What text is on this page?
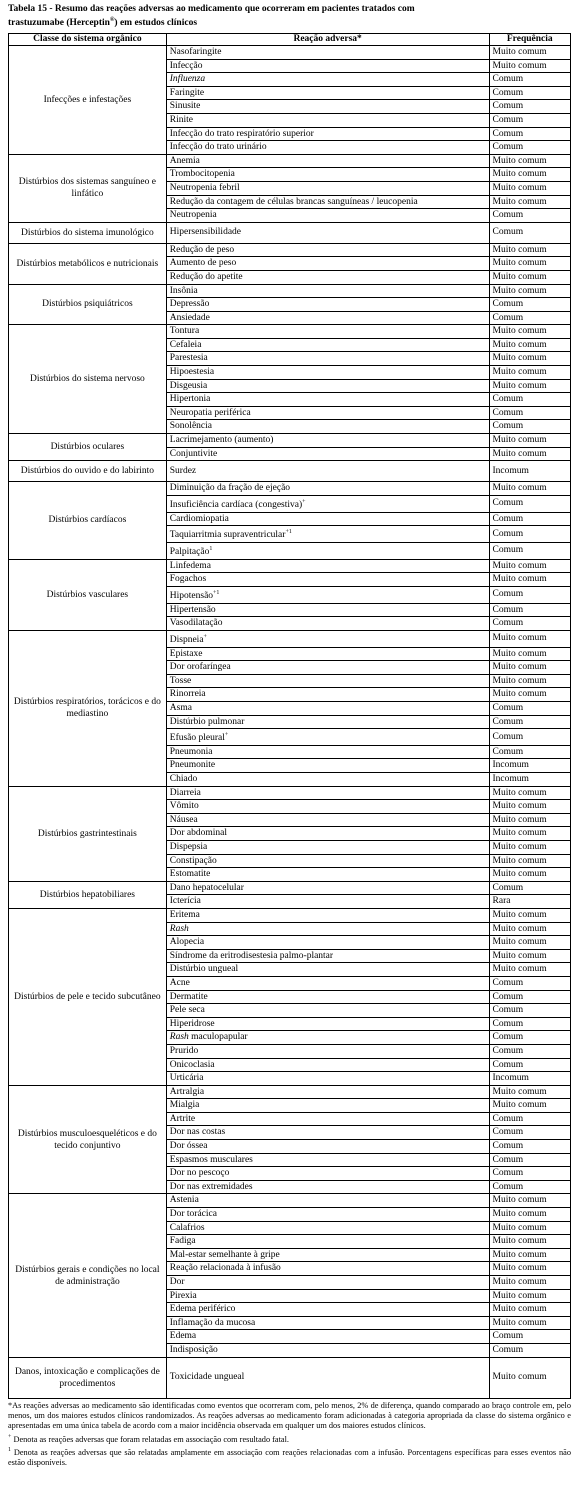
Tabela 15 - Resumo das reações adversas ao medicamento que ocorreram em pacientes tratados com
trastuzumabe (Herceptin®) em estudos clínicos
Classe do sistema orgânico	Reação adversa*	Frequência
Infecções e infestações	Nasofaringite	Muito comum
	Infecção	Muito comum
	Influenza	Comum
	Faringite	Comum
	Sinusite	Comum
	Rinite	Comum
	Infecção do trato respiratório superior	Comum
	Infecção do trato urinário	Comum
Distúrbios dos sistemas sanguíneo e linfático	Anemia	Muito comum
	Trombocitopenia	Muito comum
	Neutropenia febril	Muito comum
	Redução da contagem de células brancas sanguíneas / leucopenia	Muito comum
	Neutropenia	Comum
Distúrbios do sistema imunológico	Hipersensibilidade	Comum
Distúrbios metabólicos e nutricionais	Redução de peso	Muito comum
	Aumento de peso	Muito comum
	Redução do apetite	Muito comum
Distúrbios psiquiátricos	Insônia	Muito comum
	Depressão	Comum
	Ansiedade	Comum
Distúrbios do sistema nervoso	Tontura	Muito comum
	Cefaleia	Muito comum
	Parestesia	Muito comum
	Hipoestesia	Muito comum
	Disgeusia	Muito comum
	Hipertonia	Comum
	Neuropatia periférica	Comum
	Sonolência	Comum
Distúrbios oculares	Lacrimejamento (aumento)	Muito comum
	Conjuntivite	Muito comum
Distúrbios do ouvido e do labirinto	Surdez	Incomum
Distúrbios cardíacos	Diminuição da fração de ejeção	Muito comum
	Insuficiência cardíaca (congestiva)+	Comum
	Cardiomiopatia	Comum
	Taquiarritmia supraventricular$^{+1}$	Comum
	Palpitação$^1$	Comum
Distúrbios vasculares	Linfedema	Muito comum
	Fogachos	Muito comum
	Hipotensão$^{+1}$	Comum
	Hipertensão	Comum
	Vasodilatação	Comum
Distúrbios respiratórios, torácicos e do mediastino	Dispneia+	Muito comum
	Epistaxe	Muito comum
	Dor orofaríngea	Muito comum
	Tosse	Muito comum
	Rinorreia	Muito comum
	Asma	Comum
	Distúrbio pulmonar	Comum
	Efusão pleural+	Comum
	Pneumonia	Comum
	Pneumonite	Incomum
	Chiado	Incomum
Distúrbios gastrintestinais	Diarreia	Muito comum
	Vômito	Muito comum
	Náusea	Muito comum
	Dor abdominal	Muito comum
	Dispepsia	Muito comum
	Constipação	Muito comum
	Estomatite	Muito comum
Distúrbios hepatobiliares	Dano hepatocelular	Comum
	Icterícia	Rara
Distúrbios de pele e tecido subcutâneo	Eritema	Muito comum
	Rash	Muito comum
	Alopecia	Muito comum
	Síndrome da eritrodisestesia palmo-plantar	Muito comum
	Distúrbio ungueal	Muito comum
	Acne	Comum
	Dermatite	Comum
	Pele seca	Comum
	Hiperidrose	Comum
	Rash maculopapular	Comum
	Prurido	Comum
	Onicoclasia	Comum
	Urticária	Incomum
Distúrbios musculoesqueléticos e do tecido conjuntivo	Artralgia	Muito comum
	Mialgia	Muito comum
	Artrite	Comum
	Dor nas costas	Comum
	Dor óssea	Comum
	Espasmos musculares	Comum
	Dor no pescoço	Comum
	Dor nas extremidades	Comum
Distúrbios gerais e condições no local de administração	Astenia	Muito comum
	Dor torácica	Muito comum
	Calafrios	Muito comum
	Fadiga	Muito comum
	Mal-estar semelhante à gripe	Muito comum
	Reação relacionada à infusão	Muito comum
	Dor	Muito comum
	Pirexia	Muito comum
	Edema periférico	Muito comum
	Inflamação da mucosa	Muito comum
	Edema	Comum
	Indisposição	Comum
Danos, intoxicação e complicações de procedimentos	Toxicidade ungueal	Muito comum
*As reações adversas ao medicamento são identificadas como eventos que ocorreram com, pelo menos, 2% de diferença, quando comparado ao braço controle em, pelo menos, um dos maiores estudos clínicos randomizados. As reações adversas ao medicamento foram adicionadas à categoria apropriada da classe do sistema orgânico e apresentadas em uma única tabela de acordo com a maior incidência observada em qualquer um dos maiores estudos clínicos.
+ Denota as reações adversas que foram relatadas em associação com resultado fatal.
$^1$ Denota as reações adversas que são relatadas amplamente em associação com reações relacionadas com a infusão. Porcentagens específicas para esses eventos não estão disponíveis.
